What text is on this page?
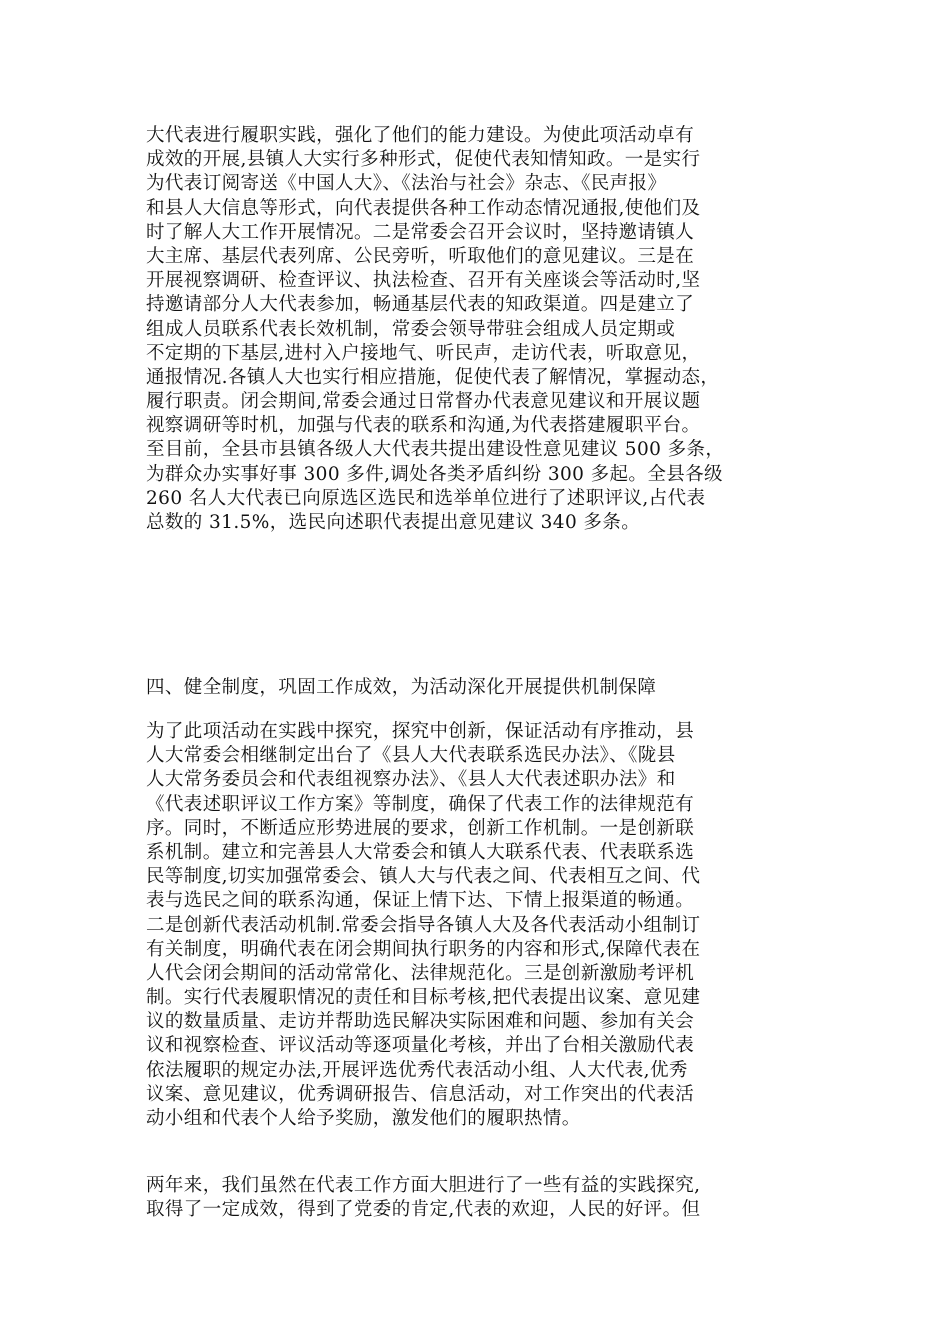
大代表进行履职实践，强化了他们的能力建设。为使此项活动卓有
成效的开展,县镇人大实行多种形式，促使代表知情知政。一是实行
为代表订阅寄送《中国人大》、《法治与社会》杂志、《民声报》
和县人大信息等形式，向代表提供各种工作动态情况通报,使他们及
时了解人大工作开展情况。二是常委会召开会议时，坚持邀请镇人
大主席、基层代表列席、公民旁听，听取他们的意见建议。三是在
开展视察调研、检查评议、执法检查、召开有关座谈会等活动时,坚
持邀请部分人大代表参加，畅通基层代表的知政渠道。四是建立了
组成人员联系代表长效机制，常委会领导带驻会组成人员定期或
不定期的下基层,进村入户接地气、听民声，走访代表，听取意见，
通报情况.各镇人大也实行相应措施，促使代表了解情况，掌握动态，
履行职责。闭会期间,常委会通过日常督办代表意见建议和开展议题
视察调研等时机，加强与代表的联系和沟通,为代表搭建履职平台。
至目前，全县市县镇各级人大代表共提出建设性意见建议 500 多条，
为群众办实事好事 300 多件,调处各类矛盾纠纷 300 多起。全县各级
260 名人大代表已向原选区选民和选举单位进行了述职评议,占代表
总数的 31.5%，选民向述职代表提出意见建议 340 多条。
四、健全制度，巩固工作成效，为活动深化开展提供机制保障
为了此项活动在实践中探究，探究中创新，保证活动有序推动，县
人大常委会相继制定出台了《县人大代表联系选民办法》、《陇县
人大常务委员会和代表组视察办法》、《县人大代表述职办法》和
《代表述职评议工作方案》等制度，确保了代表工作的法律规范有
序。同时，不断适应形势进展的要求，创新工作机制。一是创新联
系机制。建立和完善县人大常委会和镇人大联系代表、代表联系选
民等制度,切实加强常委会、镇人大与代表之间、代表相互之间、代
表与选民之间的联系沟通，保证上情下达、下情上报渠道的畅通。
二是创新代表活动机制.常委会指导各镇人大及各代表活动小组制订
有关制度，明确代表在闭会期间执行职务的内容和形式,保障代表在
人代会闭会期间的活动常常化、法律规范化。三是创新激励考评机
制。实行代表履职情况的责任和目标考核,把代表提出议案、意见建
议的数量质量、走访并帮助选民解决实际困难和问题、参加有关会
议和视察检查、评议活动等逐项量化考核，并出了台相关激励代表
依法履职的规定办法,开展评选优秀代表活动小组、人大代表,优秀
议案、意见建议，优秀调研报告、信息活动，对工作突出的代表活
动小组和代表个人给予奖励，激发他们的履职热情。
两年来，我们虽然在代表工作方面大胆进行了一些有益的实践探究,
取得了一定成效，得到了党委的肯定,代表的欢迎，人民的好评。但
